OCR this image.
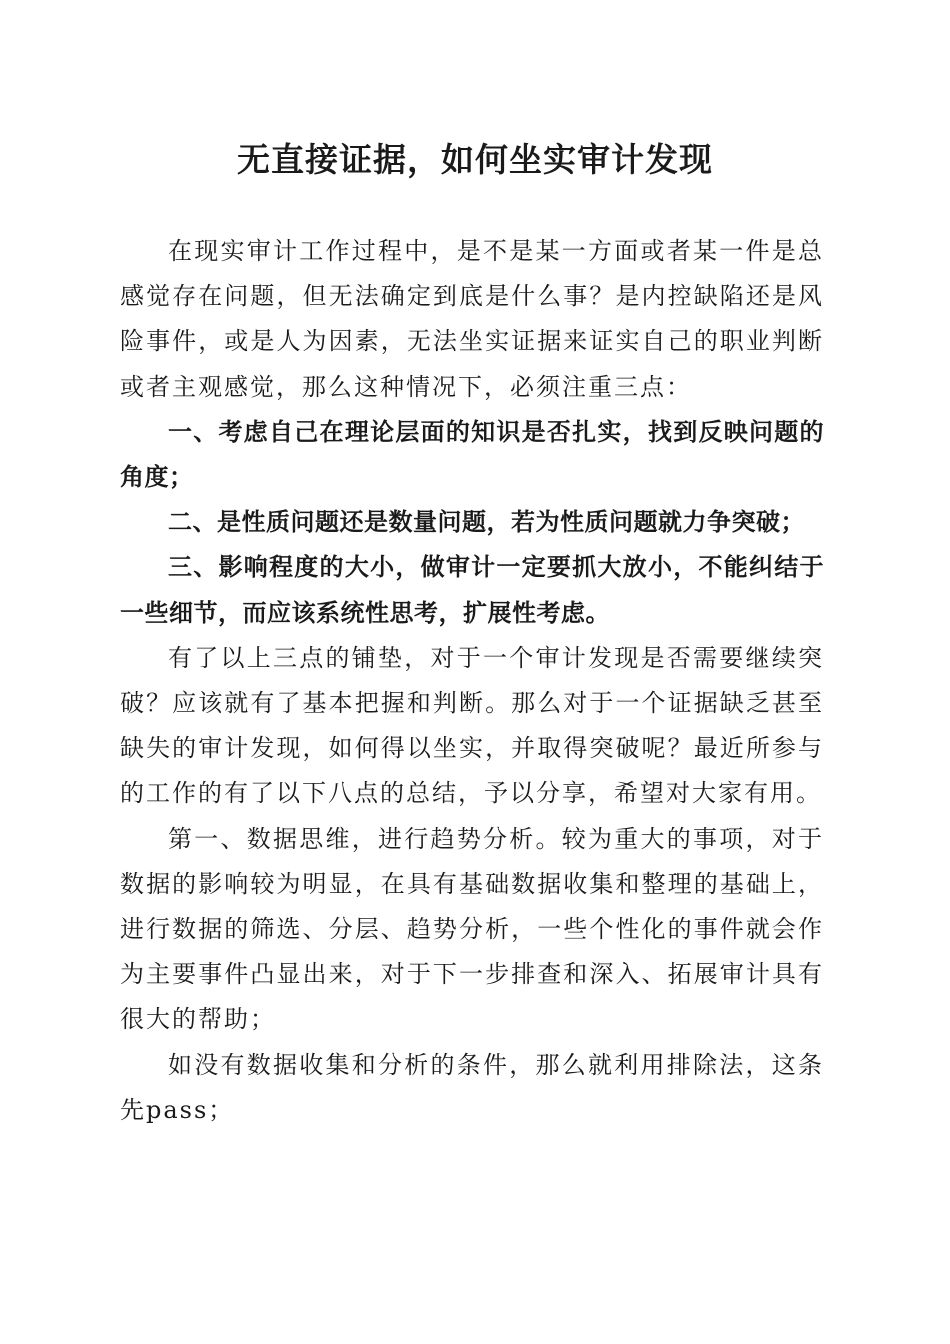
无直接证据，如何坐实审计发现

在现实审计工作过程中，是不是某一方面或者某一件是总感觉存在问题，但无法确定到底是什么事？是内控缺陷还是风险事件，或是人为因素，无法坐实证据来证实自己的职业判断或者主观感觉，那么这种情况下，必须注重三点：

一、考虑自己在理论层面的知识是否扎实，找到反映问题的角度；

二、是性质问题还是数量问题，若为性质问题就力争突破；

三、影响程度的大小，做审计一定要抓大放小，不能纠结于一些细节，而应该系统性思考，扩展性考虑。

有了以上三点的铺垫，对于一个审计发现是否需要继续突破？应该就有了基本把握和判断。那么对于一个证据缺乏甚至缺失的审计发现，如何得以坐实，并取得突破呢？最近所参与的工作的有了以下八点的总结，予以分享，希望对大家有用。

第一、数据思维，进行趋势分析。较为重大的事项，对于数据的影响较为明显，在具有基础数据收集和整理的基础上，进行数据的筛选、分层、趋势分析，一些个性化的事件就会作为主要事件凸显出来，对于下一步排查和深入、拓展审计具有很大的帮助；

如没有数据收集和分析的条件，那么就利用排除法，这条先pass；
